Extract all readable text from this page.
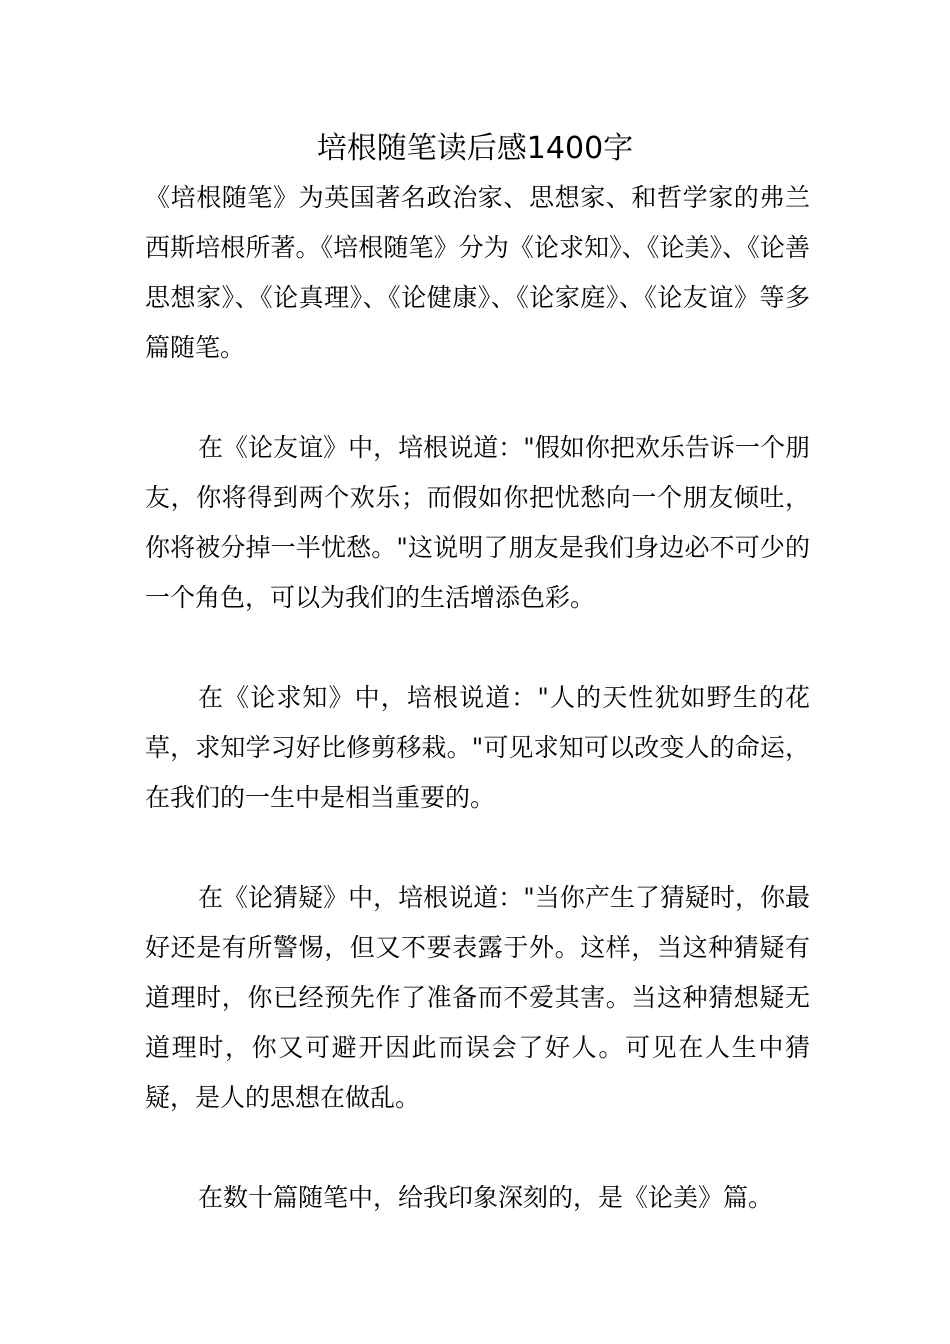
培根随笔读后感1400字

《培根随笔》为英国著名政治家、思想家、和哲学家的弗兰西斯培根所著。《培根随笔》分为《论求知》、《论美》、《论善思想家》、《论真理》、《论健康》、《论家庭》、《论友谊》等多篇随笔。

在《论友谊》中，培根说道："假如你把欢乐告诉一个朋友，你将得到两个欢乐；而假如你把忧愁向一个朋友倾吐，你将被分掉一半忧愁。"这说明了朋友是我们身边必不可少的一个角色，可以为我们的生活增添色彩。

在《论求知》中，培根说道："人的天性犹如野生的花草，求知学习好比修剪移栽。"可见求知可以改变人的命运，在我们的一生中是相当重要的。

在《论猜疑》中，培根说道："当你产生了猜疑时，你最好还是有所警惕，但又不要表露于外。这样，当这种猜疑有道理时，你已经预先作了准备而不爱其害。当这种猜想疑无道理时，你又可避开因此而误会了好人。可见在人生中猜疑，是人的思想在做乱。

在数十篇随笔中，给我印象深刻的，是《论美》篇。
